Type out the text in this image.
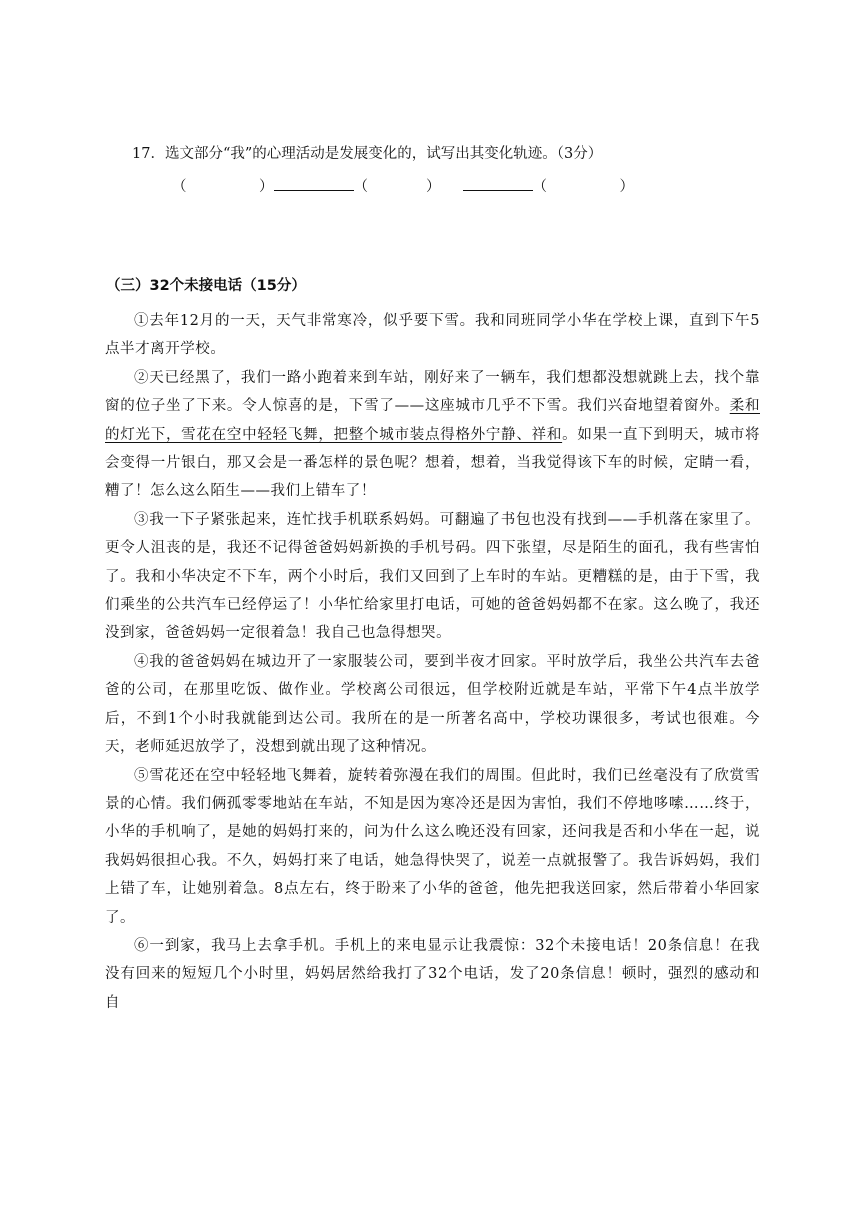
17．选文部分“我”的心理活动是发展变化的，试写出其变化轨迹。（3分）
（　　　　　）	（　　　　）	（　　　　　）
（三）32个未接电话（15分）

①去年12月的一天，天气非常寒冷，似乎要下雪。我和同班同学小华在学校上课，直到下午5点半才离开学校。

②天已经黑了，我们一路小跑着来到车站，刚好来了一辆车，我们想都没想就跳上去，找个靠窗的位子坐了下来。令人惊喜的是，下雪了——这座城市几乎不下雪。我们兴奋地望着窗外。柔和的灯光下，雪花在空中轻轻飞舞，把整个城市装点得格外宁静、祥和。如果一直下到明天，城市将会变得一片银白，那又会是一番怎样的景色呢？想着，想着，当我觉得该下车的时候，定睛一看，糟了！怎么这么陌生——我们上错车了！

③我一下子紧张起来，连忙找手机联系妈妈。可翻遍了书包也没有找到——手机落在家里了。更令人沮丧的是，我还不记得爸爸妈妈新换的手机号码。四下张望，尽是陌生的面孔，我有些害怕了。我和小华决定不下车，两个小时后，我们又回到了上车时的车站。更糟糕的是，由于下雪，我们乘坐的公共汽车已经停运了！小华忙给家里打电话，可她的爸爸妈妈都不在家。这么晚了，我还没到家，爸爸妈妈一定很着急！我自己也急得想哭。

④我的爸爸妈妈在城边开了一家服装公司，要到半夜才回家。平时放学后，我坐公共汽车去爸爸的公司，在那里吃饭、做作业。学校离公司很远，但学校附近就是车站，平常下午4点半放学后，不到1个小时我就能到达公司。我所在的是一所著名高中，学校功课很多，考试也很难。今天，老师延迟放学了，没想到就出现了这种情况。

⑤雪花还在空中轻轻地飞舞着，旋转着弥漫在我们的周围。但此时，我们已丝毫没有了欣赏雪景的心情。我们俩孤零零地站在车站，不知是因为寒冷还是因为害怕，我们不停地哆嗦……终于，小华的手机响了，是她的妈妈打来的，问为什么这么晚还没有回家，还问我是否和小华在一起，说我妈妈很担心我。不久，妈妈打来了电话，她急得快哭了，说差一点就报警了。我告诉妈妈，我们上错了车，让她别着急。8点左右，终于盼来了小华的爸爸，他先把我送回家，然后带着小华回家了。

⑥一到家，我马上去拿手机。手机上的来电显示让我震惊：32个未接电话！20条信息！在我没有回来的短短几个小时里，妈妈居然给我打了32个电话，发了20条信息！顿时，强烈的感动和自
